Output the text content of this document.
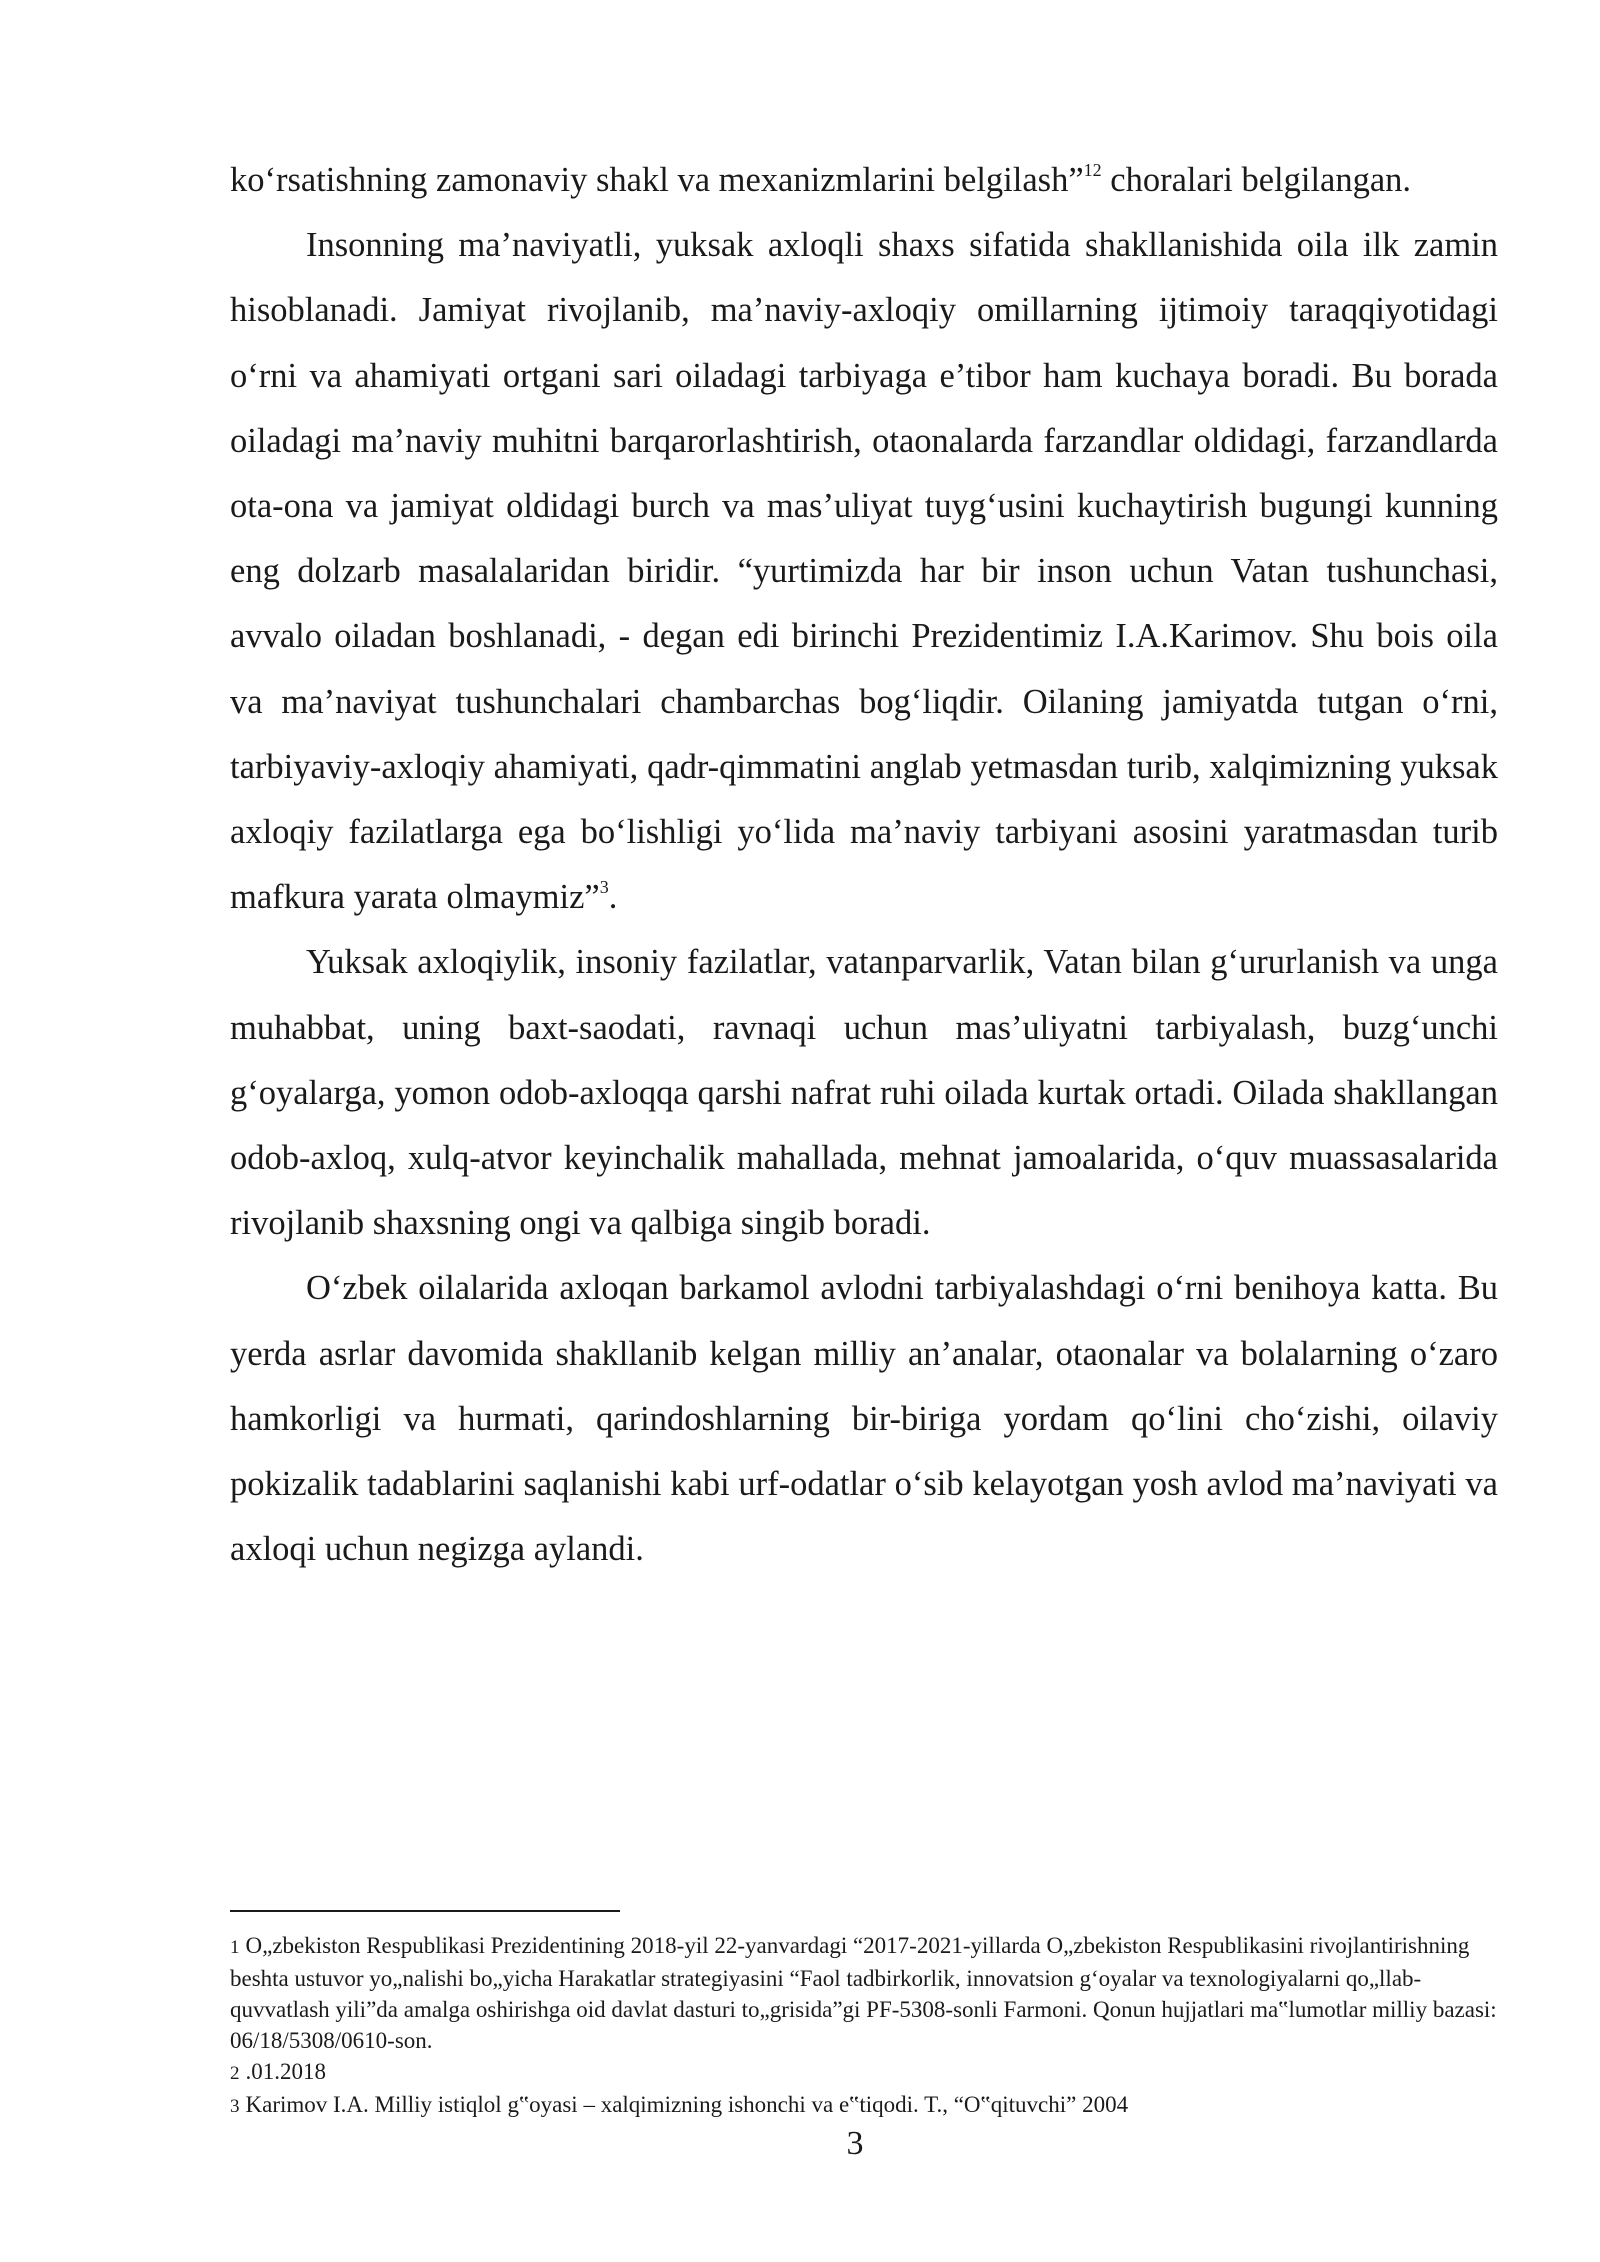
ko‘rsatishning zamonaviy shakl va mexanizmlarini belgilash”$^{12}$ choralari belgilangan.

Insonning ma’naviyatli, yuksak axloqli shaxs sifatida shakllanishida oila ilk zamin hisoblanadi. Jamiyat rivojlanib, ma’naviy-axloqiy omillarning ijtimoiy taraqqiyotidagi o‘rni va ahamiyati ortgani sari oiladagi tarbiyaga e’tibor ham kuchaya boradi. Bu borada oiladagi ma’naviy muhitni barqarorlashtirish, otaonalarda farzandlar oldidagi, farzandlarda ota-ona va jamiyat oldidagi burch va mas’uliyat tuyg‘usini kuchaytirish bugungi kunning eng dolzarb masalalaridan biridir. “yurtimizda har bir inson uchun Vatan tushunchasi, avvalo oiladan boshlanadi, - degan edi birinchi Prezidentimiz I.A.Karimov. Shu bois oila va ma’naviyat tushunchalari chambarchas bog‘liqdir. Oilaning jamiyatda tutgan o‘rni, tarbiyaviy-axloqiy ahamiyati, qadr-qimmatini anglab yetmasdan turib, xalqimizning yuksak axloqiy fazilatlarga ega bo‘lishligi yo‘lida ma’naviy tarbiyani asosini yaratmasdan turib mafkura yarata olmaymiz”$^3$.

Yuksak axloqiylik, insoniy fazilatlar, vatanparvarlik, Vatan bilan g‘ururlanish va unga muhabbat, uning baxt-saodati, ravnaqi uchun mas’uliyatni tarbiyalash, buzg‘unchi g‘oyalarga, yomon odob-axloqqa qarshi nafrat ruhi oilada kurtak ortadi. Oilada shakllangan odob-axloq, xulq-atvor keyinchalik mahallada, mehnat jamoalarida, o‘quv muassasalarida rivojlanib shaxsning ongi va qalbiga singib boradi.

O‘zbek oilalarida axloqan barkamol avlodni tarbiyalashdagi o‘rni benihoya katta. Bu yerda asrlar davomida shakllanib kelgan milliy an’analar, otaonalar va bolalarning o‘zaro hamkorligi va hurmati, qarindoshlarning bir-biriga yordam qo‘lini cho‘zishi, oilaviy pokizalik tadablarini saqlanishi kabi urf-odatlar o‘sib kelayotgan yosh avlod ma’naviyati va axloqi uchun negizga aylandi.

1 O„zbekiston Respublikasi Prezidentining 2018-yil 22-yanvardagi “2017-2021-yillarda O„zbekiston Respublikasini rivojlantirishning beshta ustuvor yo„nalishi bo„yicha Harakatlar strategiyasini “Faol tadbirkorlik, innovatsion g‘oyalar va texnologiyalarni qo„llab-quvvatlash yili”da amalga oshirishga oid davlat dasturi to„grisida”gi PF-5308-sonli Farmoni. Qonun hujjatlari ma‟lumotlar milliy bazasi: 06/18/5308/0610-son.

2 .01.2018

3 Karimov I.A. Milliy istiqlol g‟oyasi – xalqimizning ishonchi va e‟tiqodi. T., “O‟qituvchi” 2004

3
